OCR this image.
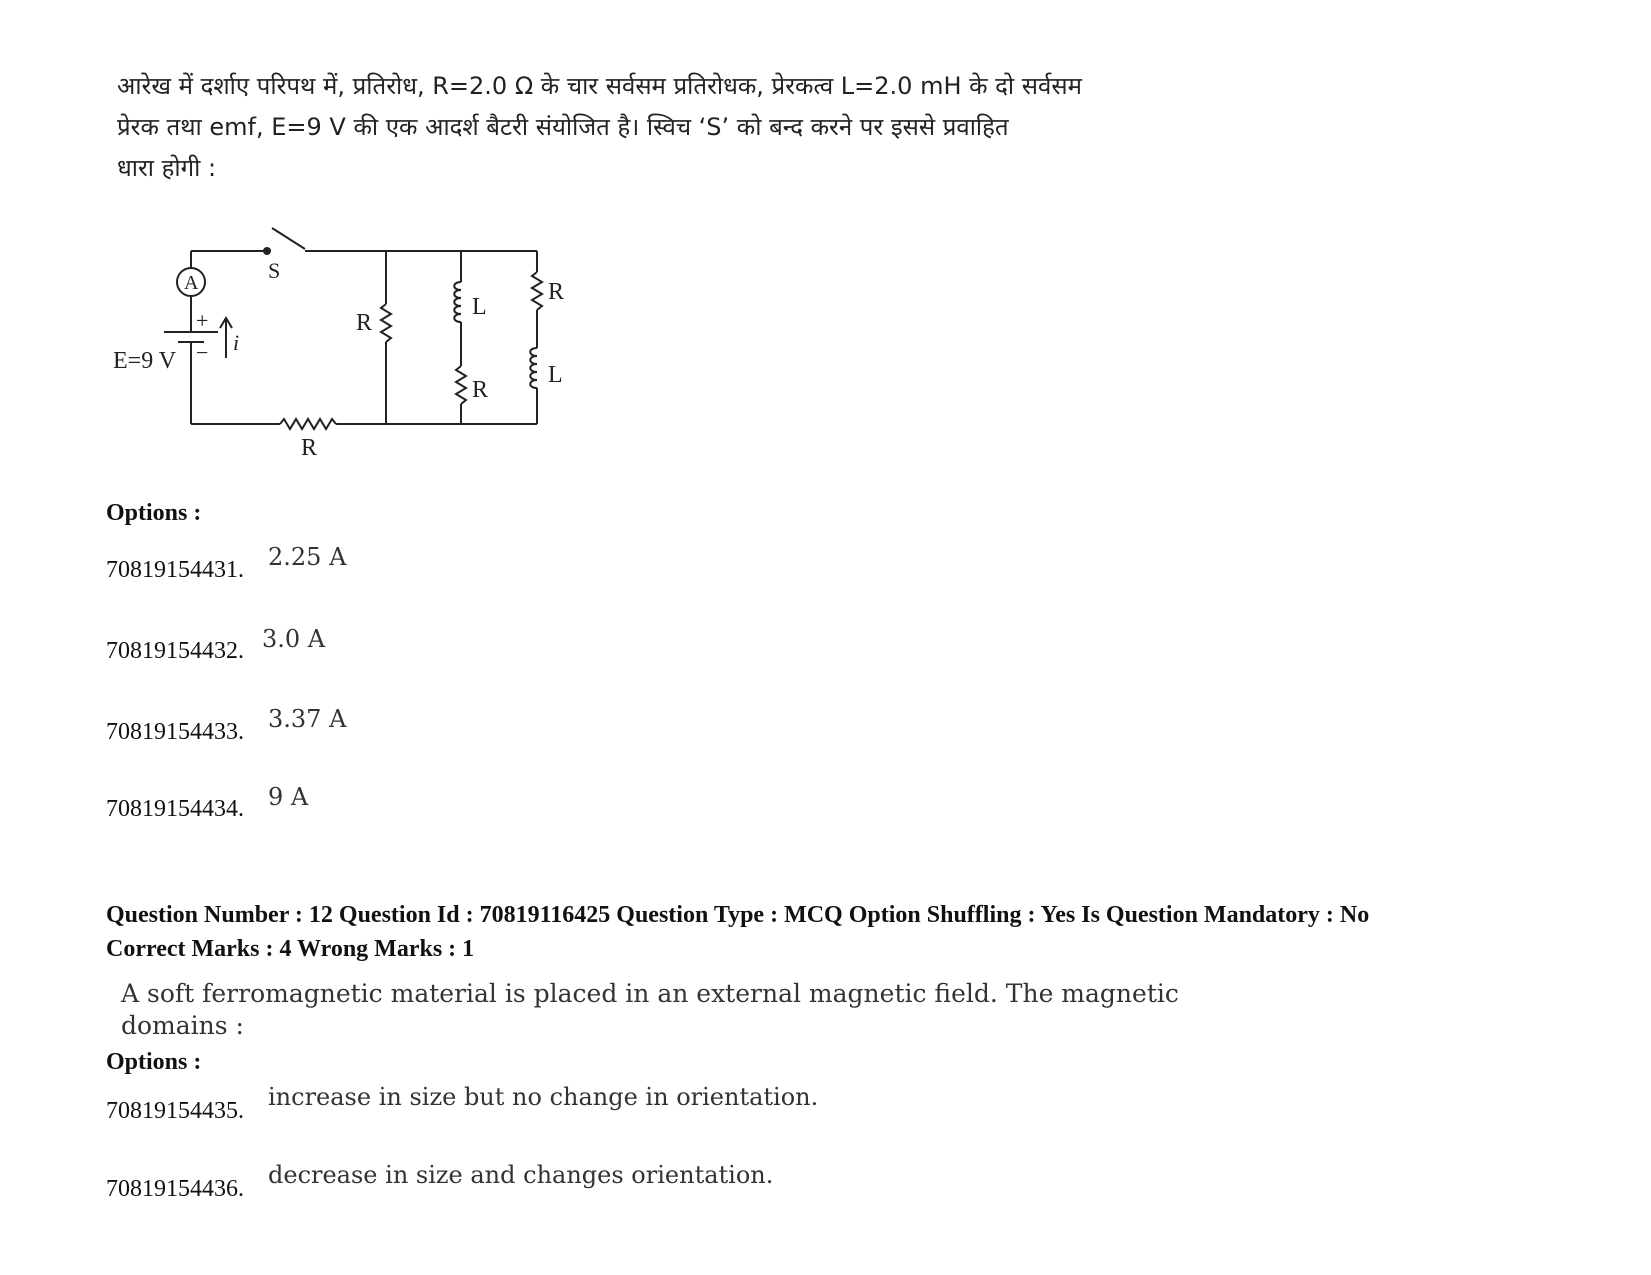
आरेख में दर्शाए परिपथ में, प्रतिरोध, R=2.0 Ω के चार सर्वसम प्रतिरोधक, प्रेरकत्व L=2.0 mH के दो सर्वसम
प्रेरक तथा emf, E=9 V की एक आदर्श बैटरी संयोजित है। स्विच ‘S’ को बन्द करने पर इससे प्रवाहित
धारा होगी :
S
A
+
−
E=9 V
i
R
L
R
R
L
R
Options :
70819154431. 2.25 A
70819154432. 3.0 A
70819154433. 3.37 A
70819154434. 9 A
Question Number : 12 Question Id : 70819116425 Question Type : MCQ Option Shuffling : Yes Is Question Mandatory : No
Correct Marks : 4 Wrong Marks : 1
A soft ferromagnetic material is placed in an external magnetic field. The magnetic
domains :
Options :
70819154435. increase in size but no change in orientation.
70819154436. decrease in size and changes orientation.
